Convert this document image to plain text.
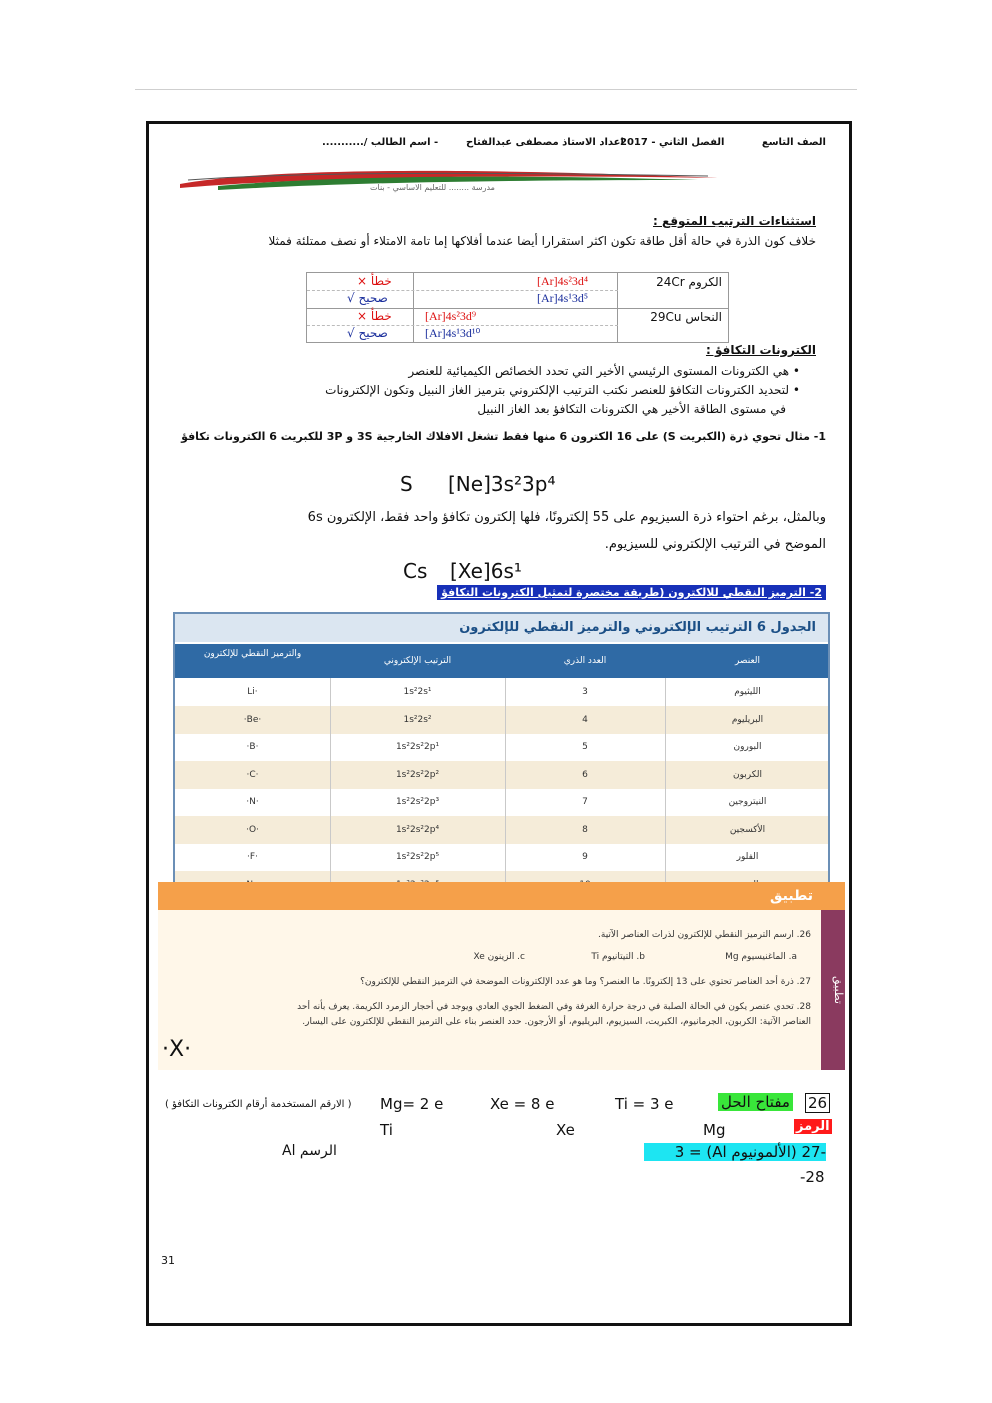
الصف التاسع
الفصل الثاني - 2017
اعداد الاستاذ مصطفى عبدالفتاح
- اسم الطالب /...........
مدرسة ........ للتعليم الاساسي - بنات
استثناءات الترتيب المتوقع :
خلاف كون الذرة في حالة أقل طاقة تكون اكثر استقرارا أيضا عندما أفلاكها إما تامة الامتلاء أو نصف ممتلئة فمثلا
الكروم 24Cr
[Ar]4s²3d⁴
خطأ ×
[Ar]4s¹3d⁵
صحيح √
النحاس 29Cu
[Ar]4s²3d⁹
خطأ ×
[Ar]4s¹3d¹⁰
صحيح √
الكترونات التكافؤ :
• هي الكترونات المستوى الرئيسي الأخير التي تحدد الخصائص الكيميائية للعنصر
• لتحديد الكترونات التكافؤ للعنصر نكتب الترتيب الإلكتروني بترميز الغاز النبيل وتكون الإلكترونات
في مستوى الطاقة الأخير هي الكترونات التكافؤ بعد الغاز النبيل
1- مثال تحوي ذرة (الكبريت S) على 16 الكترون 6 منها فقط تشغل الافلاك الخارجية 3S و 3P للكبريت 6 الكترونات تكافؤ
S [Ne]3s²3p⁴
وبالمثل، برغم احتواء ذرة السيزيوم على 55 إلكترونًا، فلها إلكترون تكافؤ واحد فقط، الإلكترون 6s
الموضح في الترتيب الإلكتروني للسيزيوم.
Cs [Xe]6s¹
2- الترميز النقطي للالكترون (طريقة مختصرة لتمثيل الكترونات التكافؤ
الجدول 6 الترتيب الإلكتروني والترميز النقطي للإلكترون
العنصر
العدد الذري
الترتيب الإلكتروني
والترميز النقطي للإلكترون
الليثيوم
3
1s²2s¹
Li·
البريليوم
4
1s²2s²
·Be·
البورون
5
1s²2s²2p¹
·B·
الكربون
6
1s²2s²2p²
·C·
النيتروجين
7
1s²2s²2p³
·N·
الأكسجين
8
1s²2s²2p⁴
·O·
الفلور
9
1s²2s²2p⁵
·F·
تطبيق
تطبيق
26. ارسم الترميز النقطي للإلكترون لذرات العناصر الآتية.
a. الماغنيسيوم Mg
b. التيتانيوم Ti
c. الزينون Xe
27. ذرة أحد العناصر تحتوي على 13 إلكترونًا. ما العنصر؟ وما هو عدد الإلكترونات الموضحة في الترميز النقطي للإلكترون؟
28. تحدي عنصر يكون في الحالة الصلبة في درجة حرارة الغرفة وفي الضغط الجوي العادي ويوجد في أحجار الزمرد الكريمة. يعرف بأنه أحد العناصر الآتية: الكربون، الجرمانيوم، الكبريت، السيزيوم، البريليوم، أو الأرجون. حدد العنصر بناء على الترميز النقطي للإلكترون على اليسار.
·X·
مفتاح الحل 26
الرمز
Ti = 3 e
Xe = 8 e
Mg= 2 e
( الارقم المستخدمة أرقام الكترونات التكافؤ )
Ti	Xe	Mg
-27 (الألمونيوم Al) = 3
الرسم Al
-28
31
